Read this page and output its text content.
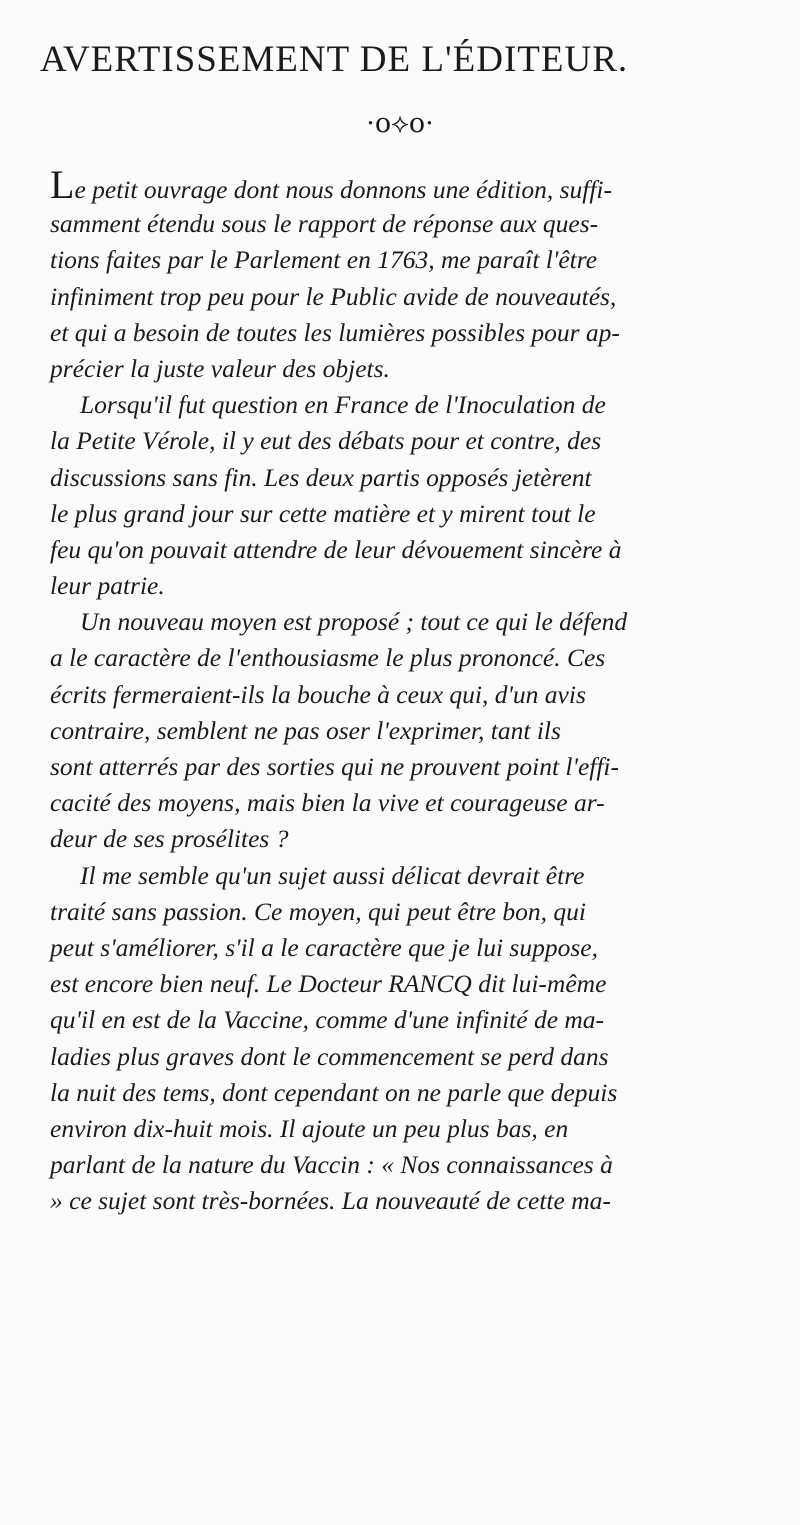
AVERTISSEMENT DE L'ÉDITEUR.
·o⟡o·
Le petit ouvrage dont nous donnons une édition, suffi-
samment étendu sous le rapport de réponse aux ques-
tions faites par le Parlement en 1763, me paraît l'être
infiniment trop peu pour le Public avide de nouveautés,
et qui a besoin de toutes les lumières possibles pour ap-
précier la juste valeur des objets.
Lorsqu'il fut question en France de l'Inoculation de
la Petite Vérole, il y eut des débats pour et contre, des
discussions sans fin. Les deux partis opposés jetèrent
le plus grand jour sur cette matière et y mirent tout le
feu qu'on pouvait attendre de leur dévouement sincère à
leur patrie.
Un nouveau moyen est proposé ; tout ce qui le défend
a le caractère de l'enthousiasme le plus prononcé. Ces
écrits fermeraient-ils la bouche à ceux qui, d'un avis
contraire, semblent ne pas oser l'exprimer, tant ils
sont atterrés par des sorties qui ne prouvent point l'effi-
cacité des moyens, mais bien la vive et courageuse ar-
deur de ses prosélites ?
Il me semble qu'un sujet aussi délicat devrait être
traité sans passion. Ce moyen, qui peut être bon, qui
peut s'améliorer, s'il a le caractère que je lui suppose,
est encore bien neuf. Le Docteur RANCQ dit lui-même
qu'il en est de la Vaccine, comme d'une infinité de ma-
ladies plus graves dont le commencement se perd dans
la nuit des tems, dont cependant on ne parle que depuis
environ dix-huit mois. Il ajoute un peu plus bas, en
parlant de la nature du Vaccin : « Nos connaissances à
» ce sujet sont très-bornées. La nouveauté de cette ma-
